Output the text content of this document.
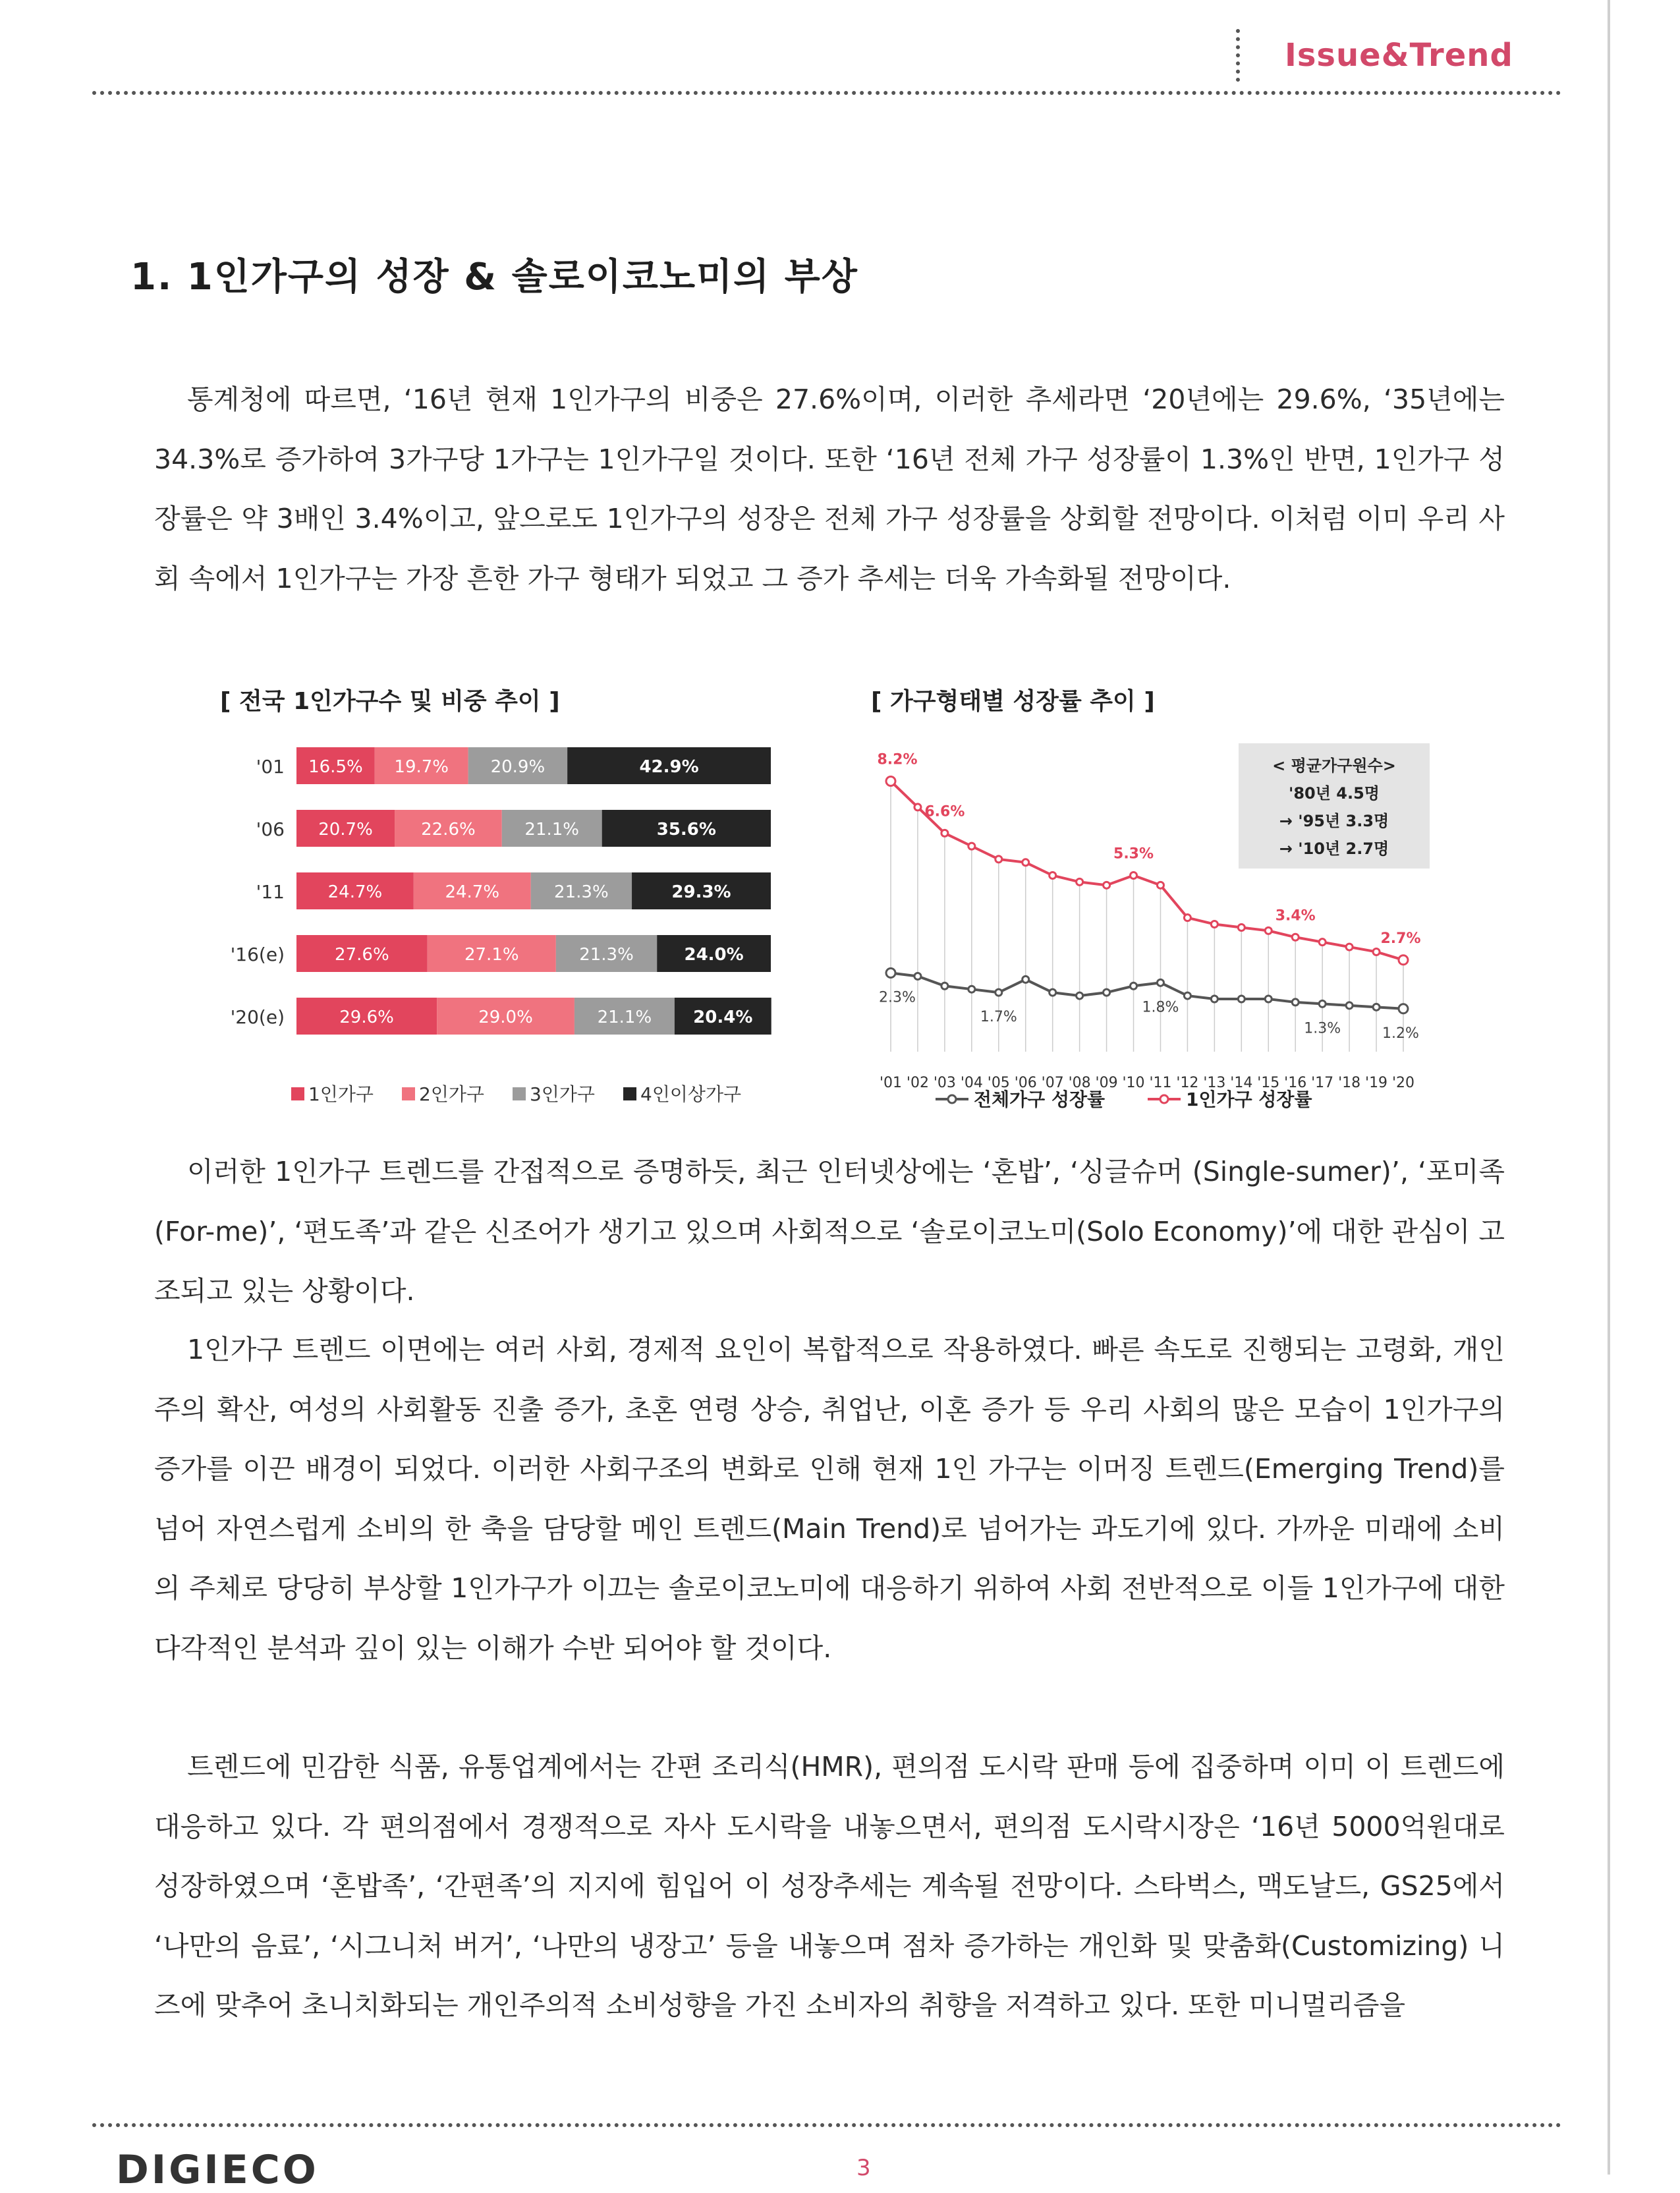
Issue&Trend
1. 1인가구의 성장 & 솔로이코노미의 부상

통계청에 따르면, ‘16년 현재 1인가구의 비중은 27.6%이며, 이러한 추세라면 ‘20년에는 29.6%, ‘35년에는 34.3%로 증가하여 3가구당 1가구는 1인가구일 것이다. 또한 ‘16년 전체 가구 성장률이 1.3%인 반면, 1인가구 성장률은 약 3배인 3.4%이고, 앞으로도 1인가구의 성장은 전체 가구 성장률을 상회할 전망이다. 이처럼 이미 우리 사회 속에서 1인가구는 가장 흔한 가구 형태가 되었고 그 증가 추세는 더욱 가속화될 전망이다.

[ 전국 1인가구수 및 비중 추이 ]	[ 가구형태별 성장률 추이 ]
'01 16.5% 19.7% 20.9%	42.9%
'06 20.7%	22.6%	21.1%	35.6%
'11	24.7%	24.7%	21.3%	29.3%
'16(e)	27.6%	27.1%	21.3%	24.0%
'20(e)	29.6%	29.0%	21.1% 20.4%
1인가구 2인가구 3인가구 4인이상가구
'01 '02 '03 '04 '05 '06 '07 '08 '09 '10 '11 '12 '13 '14 '15 '16 '17 '18 '19 '20
8.2%
6.6%
5.3%
3.4%
2.7%
2.3%
1.7%
1.8%
1.3%	1.2%
< 평균가구원수>
'80년 4.5명
→ '95년 3.3명
→ '10년 2.7명
전체가구 성장률	1인가구 성장률

이러한 1인가구 트렌드를 간접적으로 증명하듯, 최근 인터넷상에는 ‘혼밥’, ‘싱글슈머 (Single-sumer)’, ‘포미족(For-me)’, ‘편도족’과 같은 신조어가 생기고 있으며 사회적으로 ‘솔로이코노미(Solo Economy)’에 대한 관심이 고조되고 있는 상황이다.

1인가구 트렌드 이면에는 여러 사회, 경제적 요인이 복합적으로 작용하였다. 빠른 속도로 진행되는 고령화, 개인주의 확산, 여성의 사회활동 진출 증가, 초혼 연령 상승, 취업난, 이혼 증가 등 우리 사회의 많은 모습이 1인가구의 증가를 이끈 배경이 되었다. 이러한 사회구조의 변화로 인해 현재 1인 가구는 이머징 트렌드(Emerging Trend)를 넘어 자연스럽게 소비의 한 축을 담당할 메인 트렌드(Main Trend)로 넘어가는 과도기에 있다. 가까운 미래에 소비의 주체로 당당히 부상할 1인가구가 이끄는 솔로이코노미에 대응하기 위하여 사회 전반적으로 이들 1인가구에 대한 다각적인 분석과 깊이 있는 이해가 수반 되어야 할 것이다.

트렌드에 민감한 식품, 유통업계에서는 간편 조리식(HMR), 편의점 도시락 판매 등에 집중하며 이미 이 트렌드에 대응하고 있다. 각 편의점에서 경쟁적으로 자사 도시락을 내놓으면서, 편의점 도시락시장은 ‘16년 5000억원대로 성장하였으며 ‘혼밥족’, ‘간편족’의 지지에 힘입어 이 성장추세는 계속될 전망이다. 스타벅스, 맥도날드, GS25에서 ‘나만의 음료’, ‘시그니처 버거’, ‘나만의 냉장고’ 등을 내놓으며 점차 증가하는 개인화 및 맞춤화(Customizing) 니즈에 맞추어 초니치화되는 개인주의적 소비성향을 가진 소비자의 취향을 저격하고 있다. 또한 미니멀리즘을

DIGIECO	3
